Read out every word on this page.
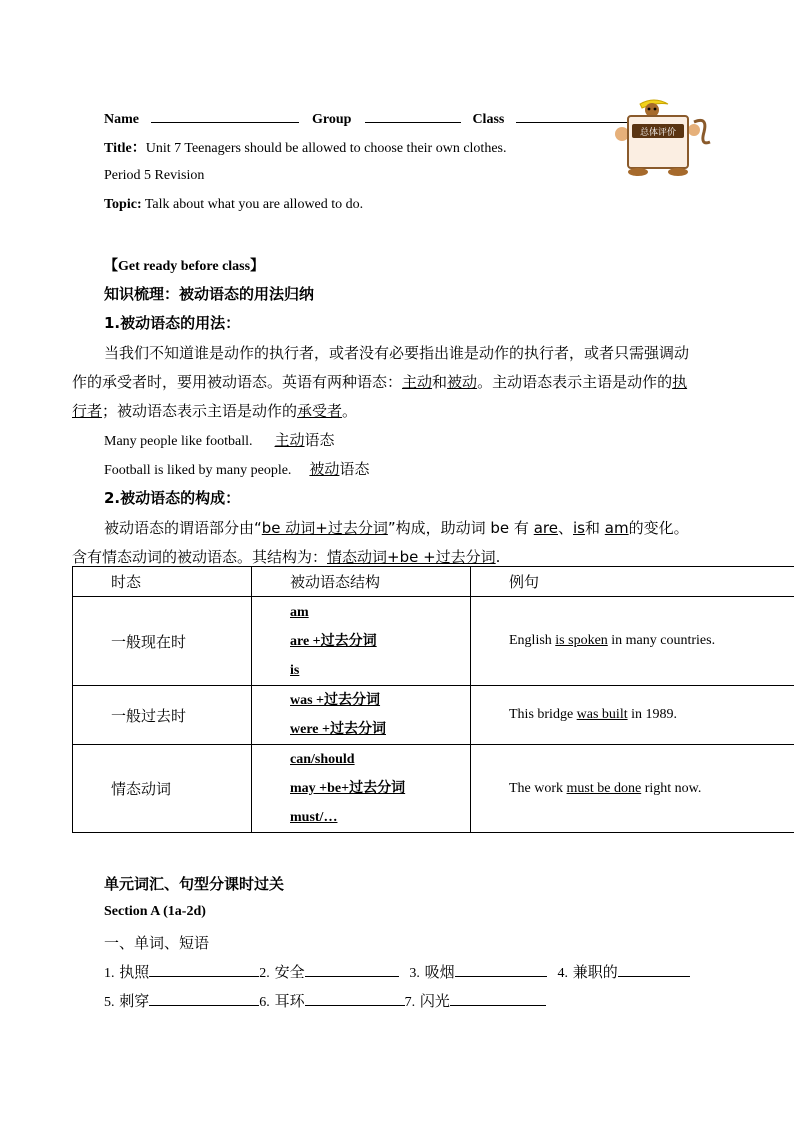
Name	Group	Class
Title：Unit 7 Teenagers should be allowed to choose their own clothes.
Period 5 Revision
Topic: Talk about what you are allowed to do.
总体评价
【Get ready before class】
知识梳理：被动语态的用法归纳
1.被动语态的用法：
当我们不知道谁是动作的执行者，或者没有必要指出谁是动作的执行者，或者只需强调动
作的承受者时，要用被动语态。英语有两种语态：主动和被动。主动语态表示主语是动作的执
行者；被动语态表示主语是动作的承受者。
Many people like football. 主动语态
Football is liked by many people. 被动语态
2.被动语态的构成：
被动语态的谓语部分由“be 动词+过去分词”构成，助动词 be 有 are、is和 am的变化。
含有情态动词的被动语态。其结构为：情态动词+be +过去分词.
时态	被动语态结构	例句
一般现在时	am
are +过去分词
is	English is spoken in many countries.
一般过去时	was +过去分词
were +过去分词	This bridge was built in 1989.
情态动词	can/should
may +be+过去分词
must/…	The work must be done right now.
单元词汇、句型分课时过关
Section A (1a-2d)
一、单词、短语
1. 执照	2. 安全	3. 吸烟	4. 兼职的
5. 刺穿	6. 耳环	7. 闪光
